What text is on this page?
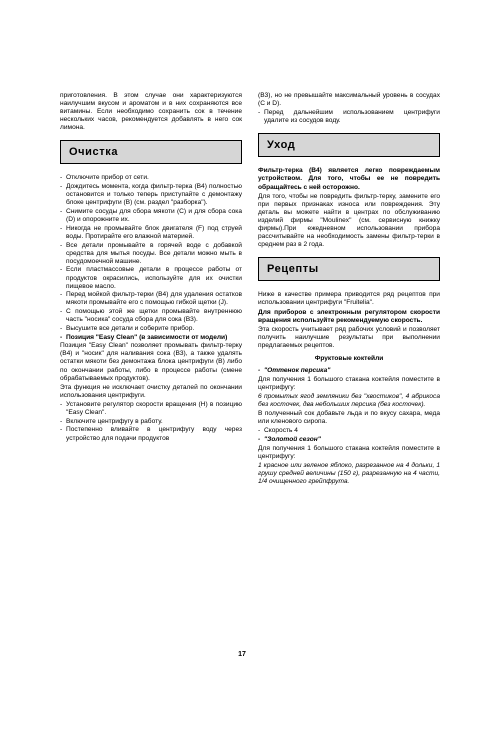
приготовления. В этом случае они характеризуются наилучшим вкусом и ароматом и в них сохраняются все витамины. Если необходимо сохранить сок в течение нескольких часов, рекомендуется добавлять в него сок лимона.

Очистка
- Отключите прибор от сети.
- Дождитесь момента, когда фильтр-терка (B4) полностью остановится и только теперь приступайте с демонтажу блоке центрифуги (B) (см. раздел "разборка").
- Снимите сосуды для сбора мякоти (C) и для сбора сока (D) и опорожните их.
- Никогда не промывайте блок двигателя (F) под струей воды. Протирайте его влажной материей.
- Все детали промывайте в горячей воде с добавкой средства для мытья посуды. Все детали можно мыть в посудомоечной машине.
- Если пластмассовые детали в процессе работы от продуктов окрасились, используйте для их очистки пищевое масло.
- Перед мойкой фильтр-терки (B4) для удаления остатков мякоти промывайте его с помощью гибкой щетки (J).
- С помощью этой же щетки промывайте внутреннюю часть "носика" сосуда сбора для сока (B3).
- Высушите все детали и соберите прибор.
- Позиция "Easy Clean" (в зависимости от модели)

Позиция "Easy Clean" позволяет промывать фильтр-терку (B4) и "носик" для наливания сока (B3), а также удалять остатки мякоти без демонтажа блока центрифуги (B) либо по окончании работы, либо в процессе работы (смене обрабатываемых продуктов).

Эта функция не исключает очистку деталей по окончании использования центрифуги.

- Установите регулятор скорости вращения (H) в позицию "Easy Clean".
- Включите центрифугу в работу.
- Постепенно вливайте в центрифугу воду через устройство для подачи продуктов

(B3), но не превышайте максимальный уровень в сосудах (C и D).

- Перед дальнейшим использованием центрифуги удалите из сосудов воду.
Уход

Фильтр-терка (B4) является легко повреждаемым устройством. Для того, чтобы ее не повредить обращайтесь с ней осторожно.

Для того, чтобы не повредить фильтр-терку, замените его при первых признаках износа или повреждения. Эту деталь вы можете найти в центрах по обслуживанию изделий фирмы "Moulinex" (см. сервисную книжку фирмы).При ежедневном использовании прибора рассчитывайте на необходимость замены фильтр-терки в среднем раз в 2 года.

Рецепты

Ниже в качестве примера приводится ряд рецептов при использовании центрифуги "Fruitelia".

Для приборов с электронным регулятором скорости вращения используйте рекомендуемую скорость.

Эта скорость учитывает ряд рабочих условий и позволяет получить наилучшие результаты при выполнении предлагаемых рецептов.

Фруктовые коктейли
- "Оттенок персика"

Для получения 1 большого стакана коктейля поместите в центрифугу:

6 промытых ягод земляники без "хвостиков", 4 абрикоса без косточек, два небольших персика (без косточек).

В полученный сок добавьте льда и по вкусу сахара, меда или кленового сиропа.

- Скорость 4
- "Золотой сезон"

Для получения 1 большого стакана коктейля поместите в центрифугу:

1 красное или зеленое яблоко, разрезанное на 4 дольки, 1 грушу средней величины (150 г), разрезанную на 4 части, 1/4 очищенного грейпфрута.

17
